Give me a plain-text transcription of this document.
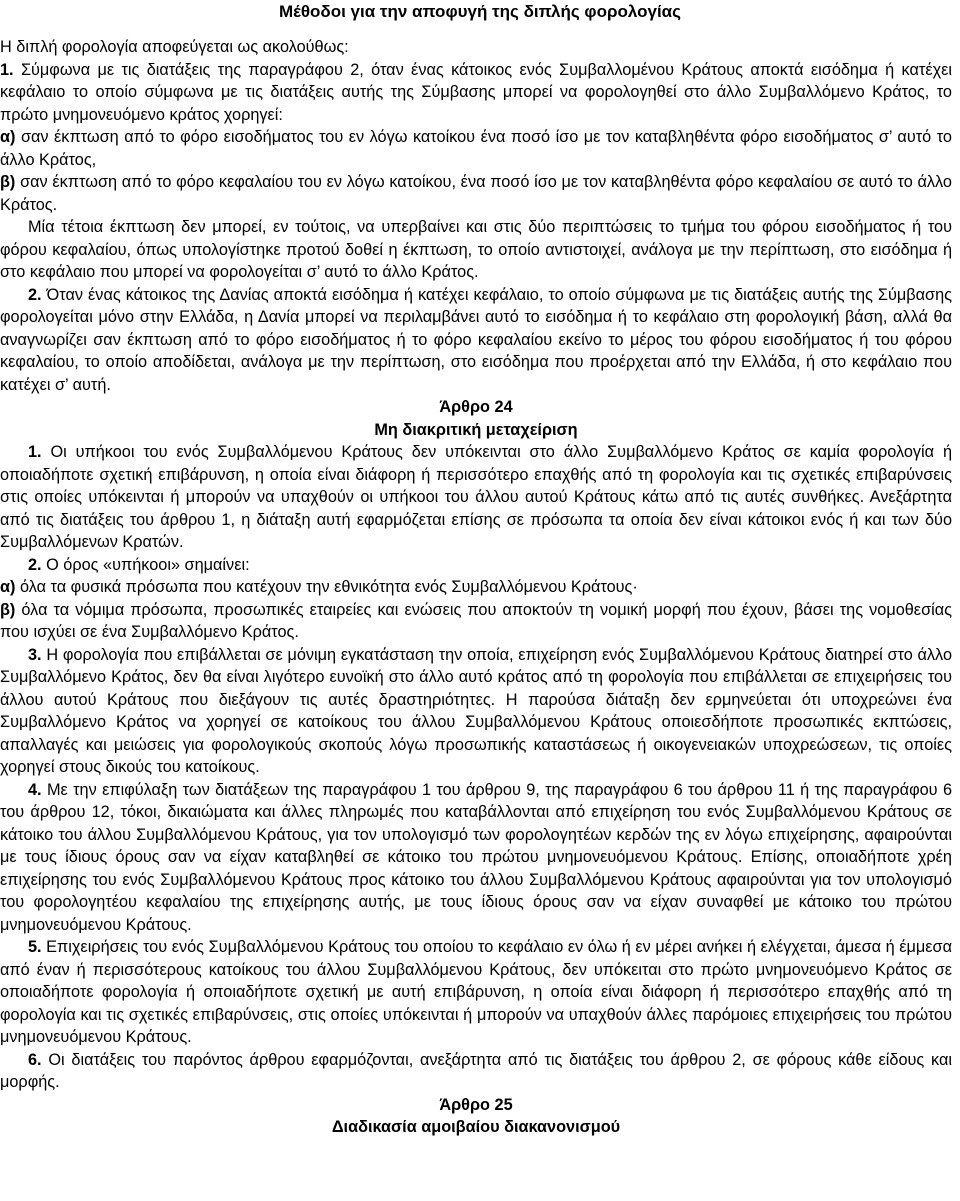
Μέθοδοι για την αποφυγή της διπλής φορολογίας

Η διπλή φορολογία αποφεύγεται ως ακολούθως:

1. Σύμφωνα με τις διατάξεις της παραγράφου 2, όταν ένας κάτοικος ενός Συμβαλλομένου Κράτους αποκτά εισόδημα ή κατέχει κεφάλαιο το οποίο σύμφωνα με τις διατάξεις αυτής της Σύμβασης μπορεί να φορολογηθεί στο άλλο Συμβαλλόμενο Κράτος, το πρώτο μνημονευόμενο κράτος χορηγεί:

α) σαν έκπτωση από το φόρο εισοδήματος του εν λόγω κατοίκου ένα ποσό ίσο με τον καταβληθέντα φόρο εισοδήματος σ’ αυτό το άλλο Κράτος,

β) σαν έκπτωση από το φόρο κεφαλαίου του εν λόγω κατοίκου, ένα ποσό ίσο με τον καταβληθέντα φόρο κεφαλαίου σε αυτό το άλλο Κράτος.

Μία τέτοια έκπτωση δεν μπορεί, εν τούτοις, να υπερβαίνει και στις δύο περιπτώσεις το τμήμα του φόρου εισοδήματος ή του φόρου κεφαλαίου, όπως υπολογίστηκε προτού δοθεί η έκπτωση, το οποίο αντιστοιχεί, ανάλογα με την περίπτωση, στο εισόδημα ή στο κεφάλαιο που μπορεί να φορολογείται σ’ αυτό το άλλο Κράτος.

2. Όταν ένας κάτοικος της Δανίας αποκτά εισόδημα ή κατέχει κεφάλαιο, το οποίο σύμφωνα με τις διατάξεις αυτής της Σύμβασης φορολογείται μόνο στην Ελλάδα, η Δανία μπορεί να περιλαμβάνει αυτό το εισόδημα ή το κεφάλαιο στη φορολογική βάση, αλλά θα αναγνωρίζει σαν έκπτωση από το φόρο εισοδήματος ή το φόρο κεφαλαίου εκείνο το μέρος του φόρου εισοδήματος ή του φόρου κεφαλαίου, το οποίο αποδίδεται, ανάλογα με την περίπτωση, στο εισόδημα που προέρχεται από την Ελλάδα, ή στο κεφάλαιο που κατέχει σ’ αυτή.

Άρθρο 24

Μη διακριτική μεταχείριση

1. Οι υπήκοοι του ενός Συμβαλλόμενου Κράτους δεν υπόκεινται στο άλλο Συμβαλλόμενο Κράτος σε καμία φορολογία ή οποιαδήποτε σχετική επιβάρυνση, η οποία είναι διάφορη ή περισσότερο επαχθής από τη φορολογία και τις σχετικές επιβαρύνσεις στις οποίες υπόκεινται ή μπορούν να υπαχθούν οι υπήκοοι του άλλου αυτού Κράτους κάτω από τις αυτές συνθήκες. Ανεξάρτητα από τις διατάξεις του άρθρου 1, η διάταξη αυτή εφαρμόζεται επίσης σε πρόσωπα τα οποία δεν είναι κάτοικοι ενός ή και των δύο Συμβαλλόμενων Κρατών.

2. Ο όρος «υπήκοοι» σημαίνει:

α) όλα τα φυσικά πρόσωπα που κατέχουν την εθνικότητα ενός Συμβαλλόμενου Κράτους·

β) όλα τα νόμιμα πρόσωπα, προσωπικές εταιρείες και ενώσεις που αποκτούν τη νομική μορφή που έχουν, βάσει της νομοθεσίας που ισχύει σε ένα Συμβαλλόμενο Κράτος.

3. Η φορολογία που επιβάλλεται σε μόνιμη εγκατάσταση την οποία, επιχείρηση ενός Συμβαλλόμενου Κράτους διατηρεί στο άλλο Συμβαλλόμενο Κράτος, δεν θα είναι λιγότερο ευνοϊκή στο άλλο αυτό κράτος από τη φορολογία που επιβάλλεται σε επιχειρήσεις του άλλου αυτού Κράτους που διεξάγουν τις αυτές δραστηριότητες. Η παρούσα διάταξη δεν ερμηνεύεται ότι υποχρεώνει ένα Συμβαλλόμενο Κράτος να χορηγεί σε κατοίκους του άλλου Συμβαλλόμενου Κράτους οποιεσδήποτε προσωπικές εκπτώσεις, απαλλαγές και μειώσεις για φορολογικούς σκοπούς λόγω προσωπικής καταστάσεως ή οικογενειακών υποχρεώσεων, τις οποίες χορηγεί στους δικούς του κατοίκους.

4. Με την επιφύλαξη των διατάξεων της παραγράφου 1 του άρθρου 9, της παραγράφου 6 του άρθρου 11 ή της παραγράφου 6 του άρθρου 12, τόκοι, δικαιώματα και άλλες πληρωμές που καταβάλλονται από επιχείρηση του ενός Συμβαλλόμενου Κράτους σε κάτοικο του άλλου Συμβαλλόμενου Κράτους, για τον υπολογισμό των φορολογητέων κερδών της εν λόγω επιχείρησης, αφαιρούνται με τους ίδιους όρους σαν να είχαν καταβληθεί σε κάτοικο του πρώτου μνημονευόμενου Κράτους. Επίσης, οποιαδήποτε χρέη επιχείρησης του ενός Συμβαλλόμενου Κράτους προς κάτοικο του άλλου Συμβαλλόμενου Κράτους αφαιρούνται για τον υπολογισμό του φορολογητέου κεφαλαίου της επιχείρησης αυτής, με τους ίδιους όρους σαν να είχαν συναφθεί με κάτοικο του πρώτου μνημονευόμενου Κράτους.

5. Επιχειρήσεις του ενός Συμβαλλόμενου Κράτους του οποίου το κεφάλαιο εν όλω ή εν μέρει ανήκει ή ελέγχεται, άμεσα ή έμμεσα από έναν ή περισσότερους κατοίκους του άλλου Συμβαλλόμενου Κράτους, δεν υπόκειται στο πρώτο μνημονευόμενο Κράτος σε οποιαδήποτε φορολογία ή οποιαδήποτε σχετική με αυτή επιβάρυνση, η οποία είναι διάφορη ή περισσότερο επαχθής από τη φορολογία και τις σχετικές επιβαρύνσεις, στις οποίες υπόκεινται ή μπορούν να υπαχθούν άλλες παρόμοιες επιχειρήσεις του πρώτου μνημονευόμενου Κράτους.

6. Οι διατάξεις του παρόντος άρθρου εφαρμόζονται, ανεξάρτητα από τις διατάξεις του άρθρου 2, σε φόρους κάθε είδους και μορφής.

Άρθρο 25

Διαδικασία αμοιβαίου διακανονισμού
